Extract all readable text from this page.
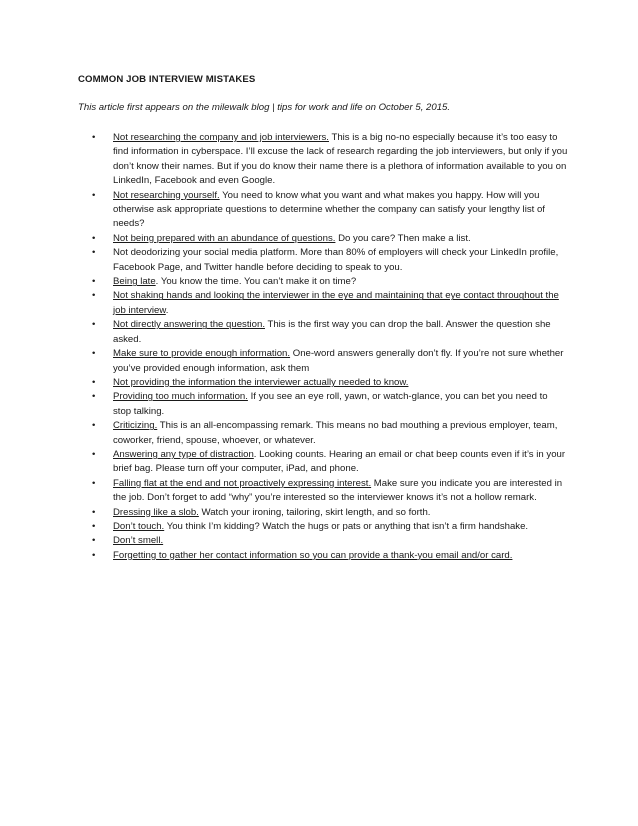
COMMON JOB INTERVIEW MISTAKES

This article first appears on the milewalk blog | tips for work and life on October 5, 2015.

• Not researching the company and job interviewers. This is a big no-no especially because it’s too easy to find information in cyberspace. I’ll excuse the lack of research regarding the job interviewers, but only if you don’t know their names. But if you do know their name there is a plethora of information available to you on LinkedIn, Facebook and even Google.
• Not researching yourself. You need to know what you want and what makes you happy. How will you otherwise ask appropriate questions to determine whether the company can satisfy your lengthy list of needs?
• Not being prepared with an abundance of questions. Do you care? Then make a list.
• Not deodorizing your social media platform. More than 80% of employers will check your LinkedIn profile, Facebook Page, and Twitter handle before deciding to speak to you.
• Being late. You know the time. You can’t make it on time?
• Not shaking hands and looking the interviewer in the eye and maintaining that eye contact throughout the job interview.
• Not directly answering the question. This is the first way you can drop the ball. Answer the question she asked.
• Make sure to provide enough information. One-word answers generally don’t fly. If you’re not sure whether you’ve provided enough information, ask them
• Not providing the information the interviewer actually needed to know.
• Providing too much information. If you see an eye roll, yawn, or watch-glance, you can bet you need to stop talking.
• Criticizing. This is an all-encompassing remark. This means no bad mouthing a previous employer, team, coworker, friend, spouse, whoever, or whatever.
• Answering any type of distraction. Looking counts. Hearing an email or chat beep counts even if it’s in your brief bag. Please turn off your computer, iPad, and phone.
• Falling flat at the end and not proactively expressing interest. Make sure you indicate you are interested in the job. Don’t forget to add “why” you’re interested so the interviewer knows it’s not a hollow remark.
• Dressing like a slob. Watch your ironing, tailoring, skirt length, and so forth.
• Don’t touch. You think I’m kidding? Watch the hugs or pats or anything that isn’t a firm handshake.
• Don’t smell.
• Forgetting to gather her contact information so you can provide a thank-you email and/or card.
